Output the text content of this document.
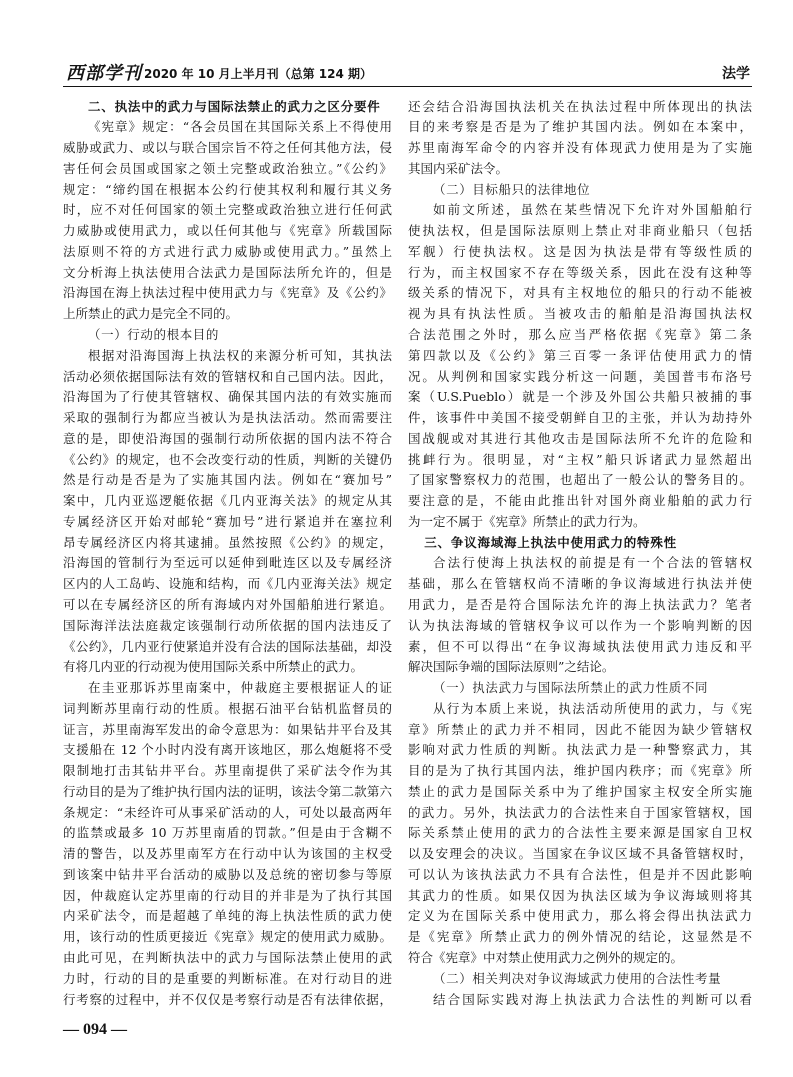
西部学刊 2020 年 10 月上半月刊（总第 124 期）	法学
二、执法中的武力与国际法禁止的武力之区分要件
《宪章》规定：“各会员国在其国际关系上不得使用
威胁或武力、或以与联合国宗旨不符之任何其他方法，侵
害任何会员国或国家之领土完整或政治独立。”《公约》
规定：“缔约国在根据本公约行使其权利和履行其义务
时，应不对任何国家的领土完整或政治独立进行任何武
力威胁或使用武力，或以任何其他与《宪章》所载国际
法原则不符的方式进行武力威胁或使用武力。”虽然上
文分析海上执法使用合法武力是国际法所允许的，但是
沿海国在海上执法过程中使用武力与《宪章》及《公约》
上所禁止的武力是完全不同的。
（一）行动的根本目的
根据对沿海国海上执法权的来源分析可知，其执法
活动必须依据国际法有效的管辖权和自己国内法。因此，
沿海国为了行使其管辖权、确保其国内法的有效实施而
采取的强制行为都应当被认为是执法活动。然而需要注
意的是，即使沿海国的强制行动所依据的国内法不符合
《公约》的规定，也不会改变行动的性质，判断的关键仍
然是行动是否是为了实施其国内法。例如在“赛加号”
案中，几内亚巡逻艇依据《几内亚海关法》的规定从其
专属经济区开始对邮轮“赛加号”进行紧追并在塞拉利
昂专属经济区内将其逮捕。虽然按照《公约》的规定，
沿海国的管制行为至远可以延伸到毗连区以及专属经济
区内的人工岛屿、设施和结构，而《几内亚海关法》规定
可以在专属经济区的所有海域内对外国船舶进行紧追。
国际海洋法法庭裁定该强制行动所依据的国内法违反了
《公约》，几内亚行使紧追并没有合法的国际法基础，却没
有将几内亚的行动视为使用国际关系中所禁止的武力。
在圭亚那诉苏里南案中，仲裁庭主要根据证人的证
词判断苏里南行动的性质。根据石油平台钻机监督员的
证言，苏里南海军发出的命令意思为：如果钻井平台及其
支援船在 12 个小时内没有离开该地区，那么炮艇将不受
限制地打击其钻井平台。苏里南提供了采矿法令作为其
行动目的是为了维护执行国内法的证明，该法令第二款第六
条规定：“未经许可从事采矿活动的人，可处以最高两年
的监禁或最多 10 万苏里南盾的罚款。”但是由于含糊不
清的警告，以及苏里南军方在行动中认为该国的主权受
到该案中钻井平台活动的威胁以及总统的密切参与等原
因，仲裁庭认定苏里南的行动目的并非是为了执行其国
内采矿法令，而是超越了单纯的海上执法性质的武力使
用，该行动的性质更接近《宪章》规定的使用武力威胁。
由此可见，在判断执法中的武力与国际法禁止使用的武
力时，行动的目的是重要的判断标准。在对行动目的进
行考察的过程中，并不仅仅是考察行动是否有法律依据，
还会结合沿海国执法机关在执法过程中所体现出的执法
目的来考察是否是为了维护其国内法。例如在本案中，
苏里南海军命令的内容并没有体现武力使用是为了实施
其国内采矿法令。
（二）目标船只的法律地位
如前文所述，虽然在某些情况下允许对外国船舶行
使执法权，但是国际法原则上禁止对非商业船只（包括
军舰）行使执法权。这是因为执法是带有等级性质的
行为，而主权国家不存在等级关系，因此在没有这种等
级关系的情况下，对具有主权地位的船只的行动不能被
视为具有执法性质。当被攻击的船舶是沿海国执法权
合法范围之外时，那么应当严格依据《宪章》第二条
第四款以及《公约》第三百零一条评估使用武力的情
况。从判例和国家实践分析这一问题，美国普韦布洛号
案（U.S.Pueblo）就是一个涉及外国公共船只被捕的事
件，该事件中美国不接受朝鲜自卫的主张，并认为劫持外
国战舰或对其进行其他攻击是国际法所不允许的危险和
挑衅行为。很明显，对“主权”船只诉诸武力显然超出
了国家警察权力的范围，也超出了一般公认的警务目的。
要注意的是，不能由此推出针对国外商业船舶的武力行
为一定不属于《宪章》所禁止的武力行为。
三、争议海域海上执法中使用武力的特殊性
合法行使海上执法权的前提是有一个合法的管辖权
基础，那么在管辖权尚不清晰的争议海域进行执法并使
用武力，是否是符合国际法允许的海上执法武力？笔者
认为执法海域的管辖权争议可以作为一个影响判断的因
素，但不可以得出“在争议海域执法使用武力违反和平
解决国际争端的国际法原则”之结论。
（一）执法武力与国际法所禁止的武力性质不同
从行为本质上来说，执法活动所使用的武力，与《宪
章》所禁止的武力并不相同，因此不能因为缺少管辖权
影响对武力性质的判断。执法武力是一种警察武力，其
目的是为了执行其国内法，维护国内秩序；而《宪章》所
禁止的武力是国际关系中为了维护国家主权安全所实施
的武力。另外，执法武力的合法性来自于国家管辖权，国
际关系禁止使用的武力的合法性主要来源是国家自卫权
以及安理会的决议。当国家在争议区域不具备管辖权时，
可以认为该执法武力不具有合法性，但是并不因此影响
其武力的性质。如果仅因为执法区域为争议海域则将其
定义为在国际关系中使用武力，那么将会得出执法武力
是《宪章》所禁止武力的例外情况的结论，这显然是不
符合《宪章》中对禁止使用武力之例外的规定的。
（二）相关判决对争议海域武力使用的合法性考量
结合国际实践对海上执法武力合法性的判断可以看
— 094 —
